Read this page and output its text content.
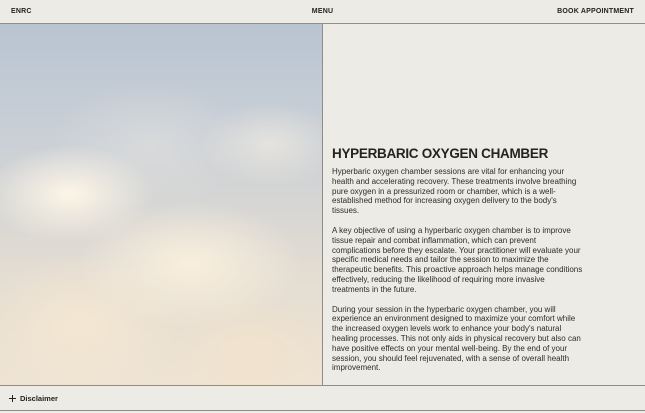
ENRC	MENU	BOOK APPOINTMENT
HYPERBARIC OXYGEN CHAMBER

Hyperbaric oxygen chamber sessions are vital for enhancing your health and accelerating recovery. These treatments involve breathing pure oxygen in a pressurized room or chamber, which is a well-established method for increasing oxygen delivery to the body's tissues.

A key objective of using a hyperbaric oxygen chamber is to improve tissue repair and combat inflammation, which can prevent complications before they escalate. Your practitioner will evaluate your specific medical needs and tailor the session to maximize the therapeutic benefits. This proactive approach helps manage conditions effectively, reducing the likelihood of requiring more invasive treatments in the future.

During your session in the hyperbaric oxygen chamber, you will experience an environment designed to maximize your comfort while the increased oxygen levels work to enhance your body's natural healing processes. This not only aids in physical recovery but also can have positive effects on your mental well-being. By the end of your session, you should feel rejuvenated, with a sense of overall health improvement.

Disclaimer
